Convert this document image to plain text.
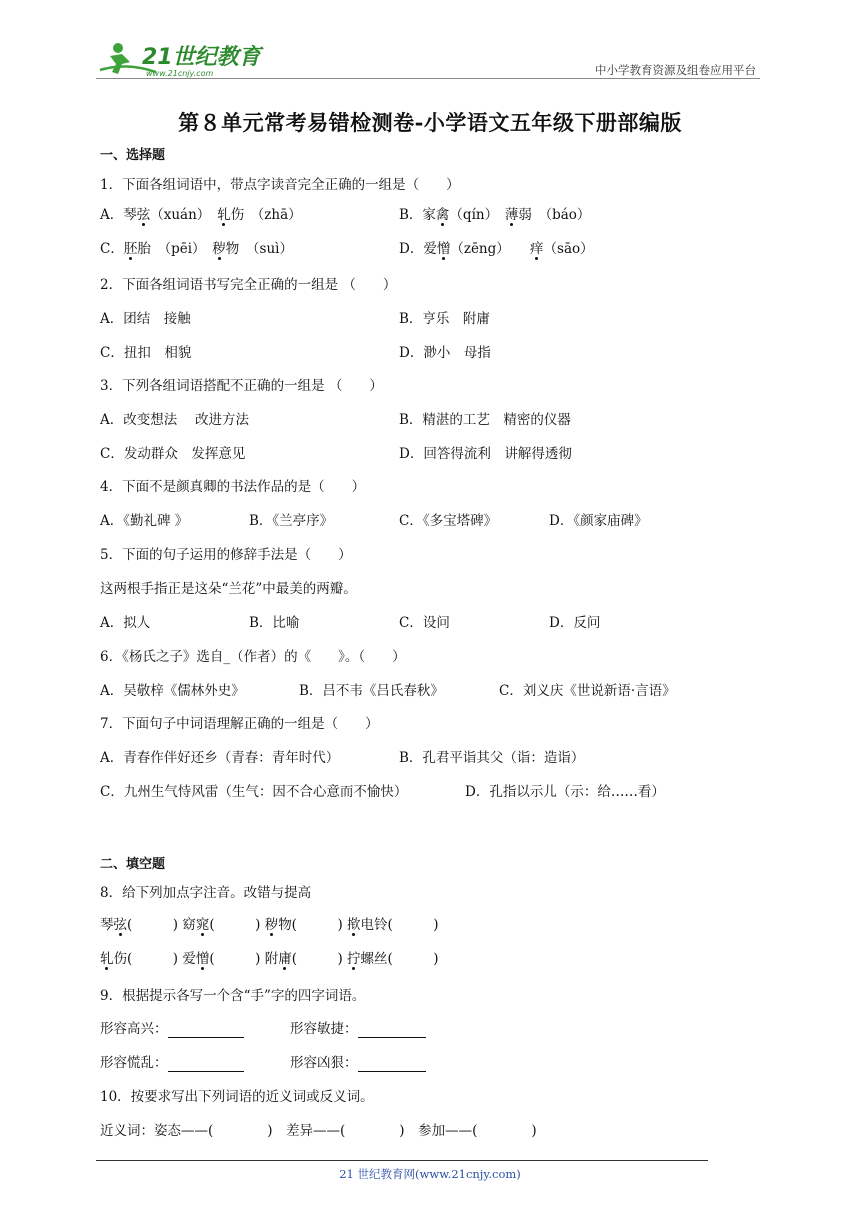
21世纪教育
www.21cnjy.com	中小学教育资源及组卷应用平台
第８单元常考易错检测卷-小学语文五年级下册部编版
一、选择题
1．下面各组词语中，带点字读音完全正确的一组是（　　）
A．琴弦（xuán）　 轧伤　（zhā）	B．家禽（qín）　 薄弱　（báo）
C．胚胎　（pēi）　 秽物　（suì）	D．爱憎（zēng）　　 痒（sāo）
2．下面各组词语书写完全正确的一组是 （　　）
A．团结　接触	B．亨乐　附庸
C．扭扣　相貌	D．渺小　母指
3．下列各组词语搭配不正确的一组是 （　　）
A．改变想法　 改进方法	B．精湛的工艺　精密的仪器
C．发动群众　发挥意见	D．回答得流利　讲解得透彻
4．下面不是颜真卿的书法作品的是（　　）
A．《勤礼碑 》	B．《兰亭序》	C．《多宝塔碑》	D．《颜家庙碑》
5．下面的句子运用的修辞手法是（　　）
这两根手指正是这朵“兰花”中最美的两瓣。
A．拟人	B．比喻	C．设问	D．反问
6．《杨氏之子》选自_（作者）的《　　》。（　　）
A．吴敬梓《儒林外史》	B．吕不韦《吕氏春秋》	C．刘义庆《世说新语·言语》
7．下面句子中词语理解正确的一组是（　　）
A．青春作伴好还乡（青春：青年时代）	B．孔君平诣其父（诣：造诣）
C．九州生气恃风雷（生气：因不合心意而不愉快）	D．孔指以示儿（示：给……看）
二、填空题
8．给下列加点字注音。改错与提高
琴弦(　　　) 窈窕(　　　) 秽物(　　　) 揿电铃(　　　)
轧伤(　　　) 爱憎(　　　) 附庸(　　　) 拧螺丝(　　　)
9．根据提示各写一个含“手”字的四字词语。
形容高兴：	形容敏捷：
形容慌乱：	形容凶狠：
10．按要求写出下列词语的近义词或反义词。
近义词：姿态——(　　　　)　差异——(　　　　)　参加——(　　　　)
21 世纪教育网(www.21cnjy.com)
